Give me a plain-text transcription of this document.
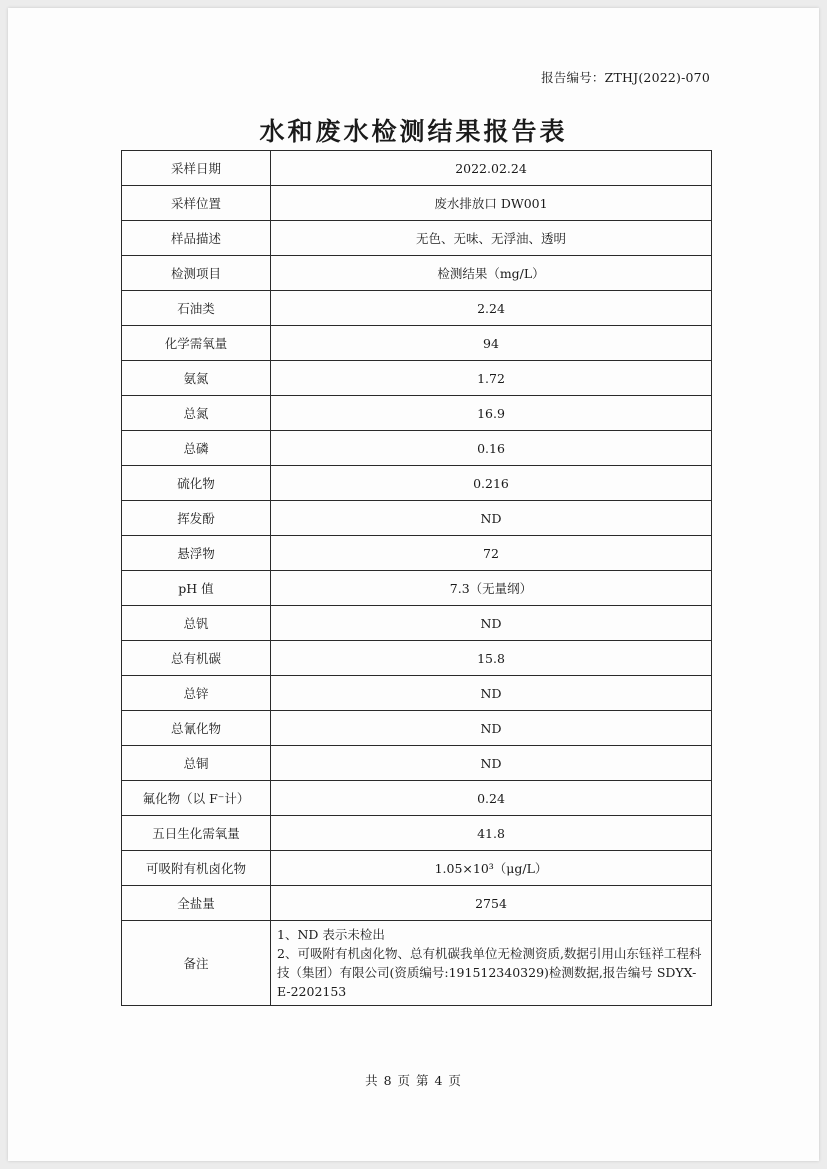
报告编号：ZTHJ(2022)-070
水和废水检测结果报告表
采样日期	2022.02.24
采样位置	废水排放口 DW001
样品描述	无色、无味、无浮油、透明
检测项目	检测结果（mg/L）
石油类	2.24
化学需氧量	94
氨氮	1.72
总氮	16.9
总磷	0.16
硫化物	0.216
挥发酚	ND
悬浮物	72
pH 值	7.3（无量纲）
总钒	ND
总有机碳	15.8
总锌	ND
总氰化物	ND
总铜	ND
氟化物（以 F⁻计）	0.24
五日生化需氧量	41.8
可吸附有机卤化物	1.05×10³（μg/L）
全盐量	2754
备注	1、ND 表示未检出
2、可吸附有机卤化物、总有机碳我单位无检测资质,数据引用山东钰祥工程科技（集团）有限公司(资质编号:191512340329)检测数据,报告编号 SDYX-E-2202153
共 8 页 第 4 页
